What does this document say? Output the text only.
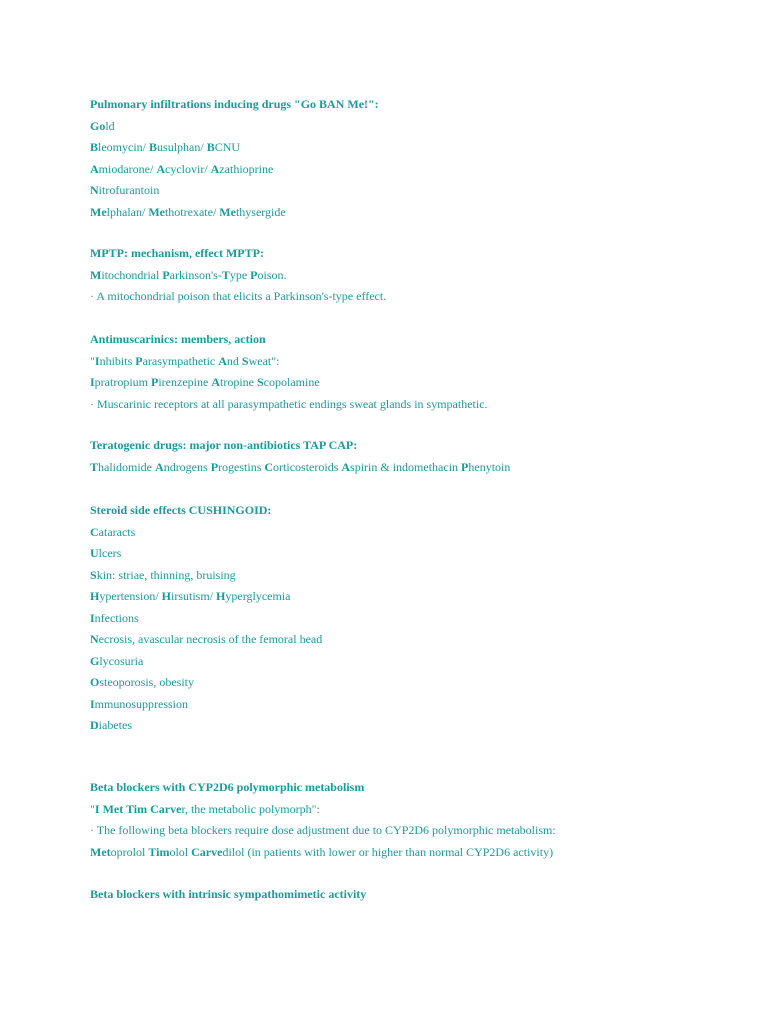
Pulmonary infiltrations inducing drugs "Go BAN Me!":
Gold
Bleomycin/ Busulphan/ BCNU
Amiodarone/ Acyclovir/ Azathioprine
Nitrofurantoin
Melphalan/ Methotrexate/ Methysergide
MPTP: mechanism, effect MPTP:
Mitochondrial Parkinson's-Type Poison.
· A mitochondrial poison that elicits a Parkinson's-type effect.
Antimuscarinics: members, action
"Inhibits Parasympathetic And Sweat":
Ipratropium Pirenzepine Atropine Scopolamine
· Muscarinic receptors at all parasympathetic endings sweat glands in sympathetic.
Teratogenic drugs: major non-antibiotics TAP CAP:
Thalidomide Androgens Progestins Corticosteroids Aspirin & indomethacin Phenytoin
Steroid side effects CUSHINGOID:
Cataracts
Ulcers
Skin: striae, thinning, bruising
Hypertension/ Hirsutism/ Hyperglycemia
Infections
Necrosis, avascular necrosis of the femoral head
Glycosuria
Osteoporosis, obesity
Immunosuppression
Diabetes
Beta blockers with CYP2D6 polymorphic metabolism
"I Met Tim Carver, the metabolic polymorph":
· The following beta blockers require dose adjustment due to CYP2D6 polymorphic metabolism:
Metoprolol Timolol Carvedilol (in patients with lower or higher than normal CYP2D6 activity)
Beta blockers with intrinsic sympathomimetic activity
